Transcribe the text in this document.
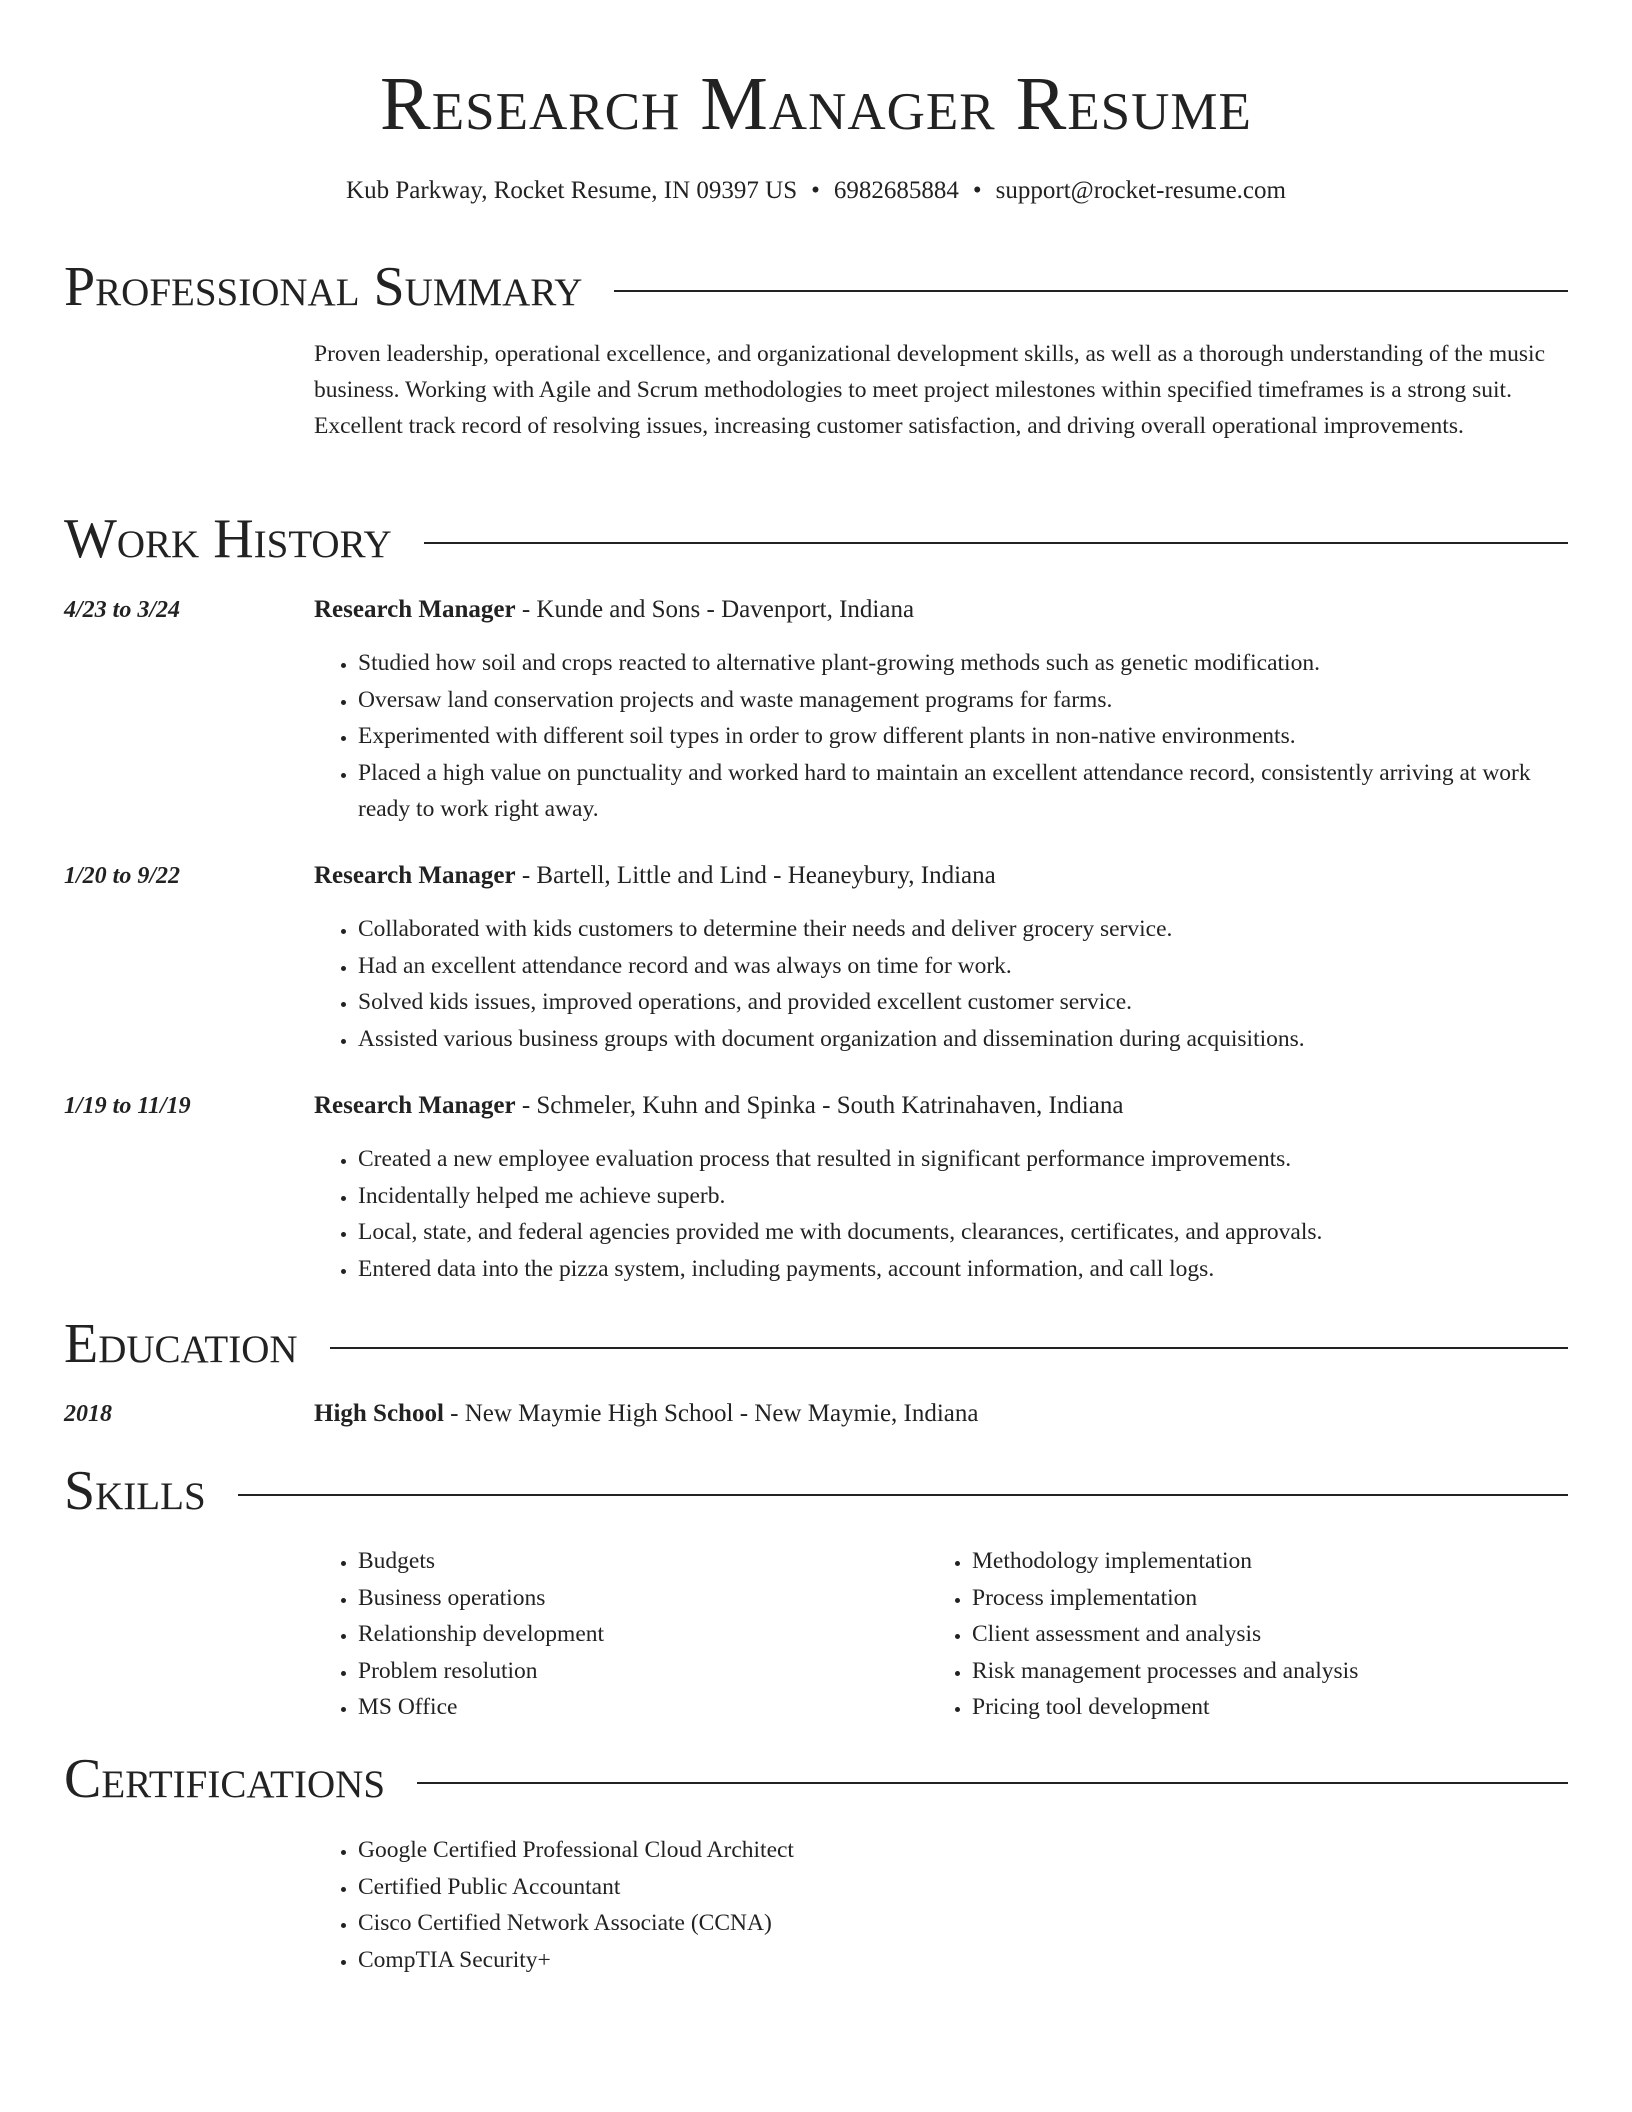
Research Manager Resume
Kub Parkway, Rocket Resume, IN 09397 US • 6982685884 • support@rocket-resume.com
Professional Summary
Proven leadership, operational excellence, and organizational development skills, as well as a thorough understanding of the music business. Working with Agile and Scrum methodologies to meet project milestones within specified timeframes is a strong suit. Excellent track record of resolving issues, increasing customer satisfaction, and driving overall operational improvements.
Work History
4/23 to 3/24	Research Manager - Kunde and Sons - Davenport, Indiana
• Studied how soil and crops reacted to alternative plant-growing methods such as genetic modification.
• Oversaw land conservation projects and waste management programs for farms.
• Experimented with different soil types in order to grow different plants in non-native environments.
• Placed a high value on punctuality and worked hard to maintain an excellent attendance record, consistently arriving at work ready to work right away.
1/20 to 9/22	Research Manager - Bartell, Little and Lind - Heaneybury, Indiana
• Collaborated with kids customers to determine their needs and deliver grocery service.
• Had an excellent attendance record and was always on time for work.
• Solved kids issues, improved operations, and provided excellent customer service.
• Assisted various business groups with document organization and dissemination during acquisitions.
1/19 to 11/19	Research Manager - Schmeler, Kuhn and Spinka - South Katrinahaven, Indiana
• Created a new employee evaluation process that resulted in significant performance improvements.
• Incidentally helped me achieve superb.
• Local, state, and federal agencies provided me with documents, clearances, certificates, and approvals.
• Entered data into the pizza system, including payments, account information, and call logs.
Education
2018	High School - New Maymie High School - New Maymie, Indiana
Skills
• Budgets
• Business operations
• Relationship development
• Problem resolution
• MS Office
• Methodology implementation
• Process implementation
• Client assessment and analysis
• Risk management processes and analysis
• Pricing tool development
Certifications
• Google Certified Professional Cloud Architect
• Certified Public Accountant
• Cisco Certified Network Associate (CCNA)
• CompTIA Security+
